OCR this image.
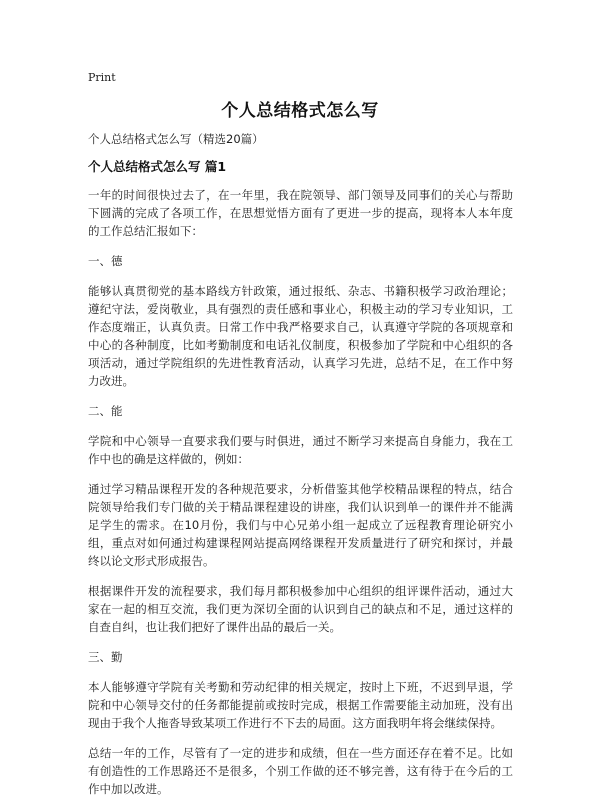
Print
个人总结格式怎么写
个人总结格式怎么写（精选20篇）
个人总结格式怎么写 篇1

一年的时间很快过去了，在一年里，我在院领导、部门领导及同事们的关心与帮助下圆满的完成了各项工作，在思想觉悟方面有了更进一步的提高，现将本人本年度的工作总结汇报如下：

一、德

能够认真贯彻党的基本路线方针政策，通过报纸、杂志、书籍积极学习政治理论；遵纪守法，爱岗敬业，具有强烈的责任感和事业心，积极主动的学习专业知识，工作态度端正，认真负责。日常工作中我严格要求自己，认真遵守学院的各项规章和中心的各种制度，比如考勤制度和电话礼仪制度，积极参加了学院和中心组织的各项活动，通过学院组织的先进性教育活动，认真学习先进，总结不足，在工作中努力改进。

二、能

学院和中心领导一直要求我们要与时俱进，通过不断学习来提高自身能力，我在工作中也的确是这样做的，例如：

通过学习精品课程开发的各种规范要求，分析借鉴其他学校精品课程的特点，结合院领导给我们专门做的关于精品课程建设的讲座，我们认识到单一的课件并不能满足学生的需求。在10月份，我们与中心兄弟小组一起成立了远程教育理论研究小组，重点对如何通过构建课程网站提高网络课程开发质量进行了研究和探讨，并最终以论文形式形成报告。

根据课件开发的流程要求，我们每月都积极参加中心组织的组评课件活动，通过大家在一起的相互交流，我们更为深切全面的认识到自己的缺点和不足，通过这样的自查自纠，也让我们把好了课件出品的最后一关。

三、勤

本人能够遵守学院有关考勤和劳动纪律的相关规定，按时上下班，不迟到早退，学院和中心领导交付的任务都能提前或按时完成，根据工作需要能主动加班，没有出现由于我个人拖沓导致某项工作进行不下去的局面。这方面我明年将会继续保持。

总结一年的工作，尽管有了一定的进步和成绩，但在一些方面还存在着不足。比如有创造性的工作思路还不是很多，个别工作做的还不够完善，这有待于在今后的工作中加以改进。
